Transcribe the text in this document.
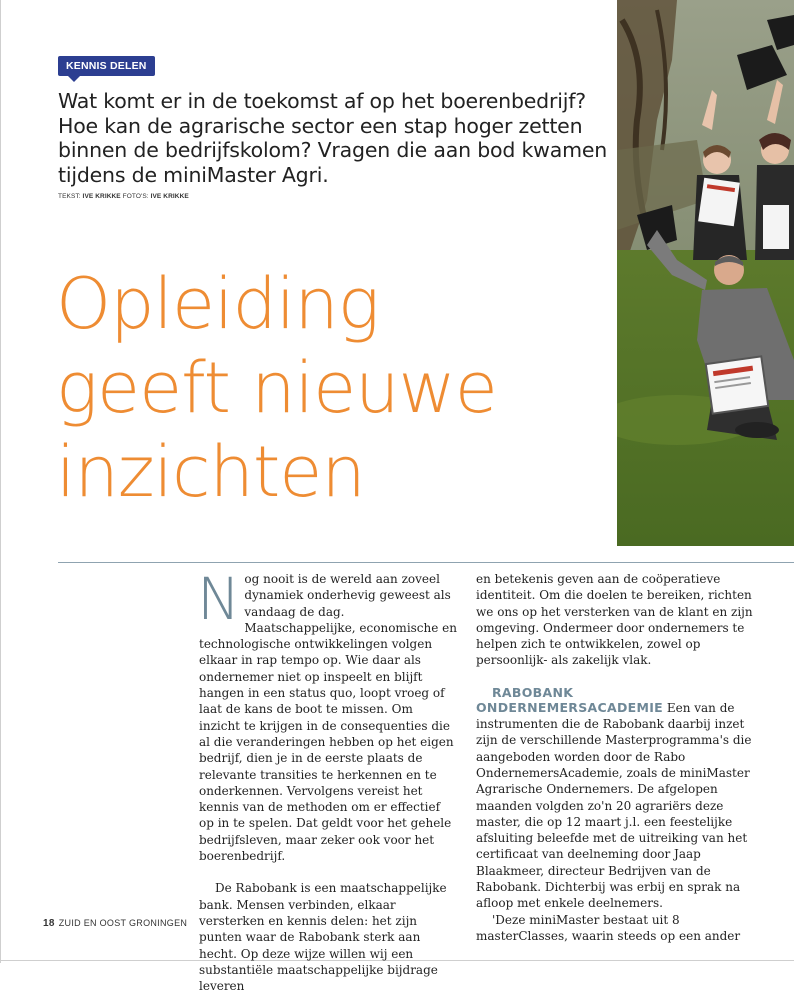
KENNIS DELEN

Wat komt er in de toekomst af op het boerenbedrijf? Hoe kan de agrarische sector een stap hoger zetten binnen de bedrijfskolom? Vragen die aan bod kwamen tijdens de miniMaster Agri.

TEKST: IVE KRIKKE FOTO'S: IVE KRIKKE
Opleiding
geeft nieuwe
inzichten

Nog nooit is de wereld aan zoveel dynamiek onderhevig geweest als vandaag de dag. Maatschappelijke, economische en technologische ontwikkelingen volgen elkaar in rap tempo op. Wie daar als ondernemer niet op inspeelt en blijft hangen in een status quo, loopt vroeg of laat de kans de boot te missen. Om inzicht te krijgen in de consequenties die al die veranderingen hebben op het eigen bedrijf, dien je in de eerste plaats de relevante transities te herkennen en te onderkennen. Vervolgens vereist het kennis van de methoden om er effectief op in te spelen. Dat geldt voor het gehele bedrijfsleven, maar zeker ook voor het boerenbedrijf.

De Rabobank is een maatschappelijke bank. Mensen verbinden, elkaar versterken en kennis delen: het zijn punten waar de Rabobank sterk aan hecht. Op deze wijze willen wij een substantiële maatschappelijke bijdrage leveren

en betekenis geven aan de coöperatieve identiteit. Om die doelen te bereiken, richten we ons op het versterken van de klant en zijn omgeving. Ondermeer door ondernemers te helpen zich te ontwikkelen, zowel op persoonlijk- als zakelijk vlak.

RABOBANK
ONDERNEMERSACADEMIE Een van de instrumenten die de Rabobank daarbij inzet zijn de verschillende Masterprogramma's die aangeboden worden door de Rabo OndernemersAcademie, zoals de miniMaster Agrarische Ondernemers. De afgelopen maanden volgden zo'n 20 agrariërs deze master, die op 12 maart j.l. een feestelijke afsluiting beleefde met de uitreiking van het certificaat van deelneming door Jaap Blaakmeer, directeur Bedrijven van de Rabobank. Dichterbij was erbij en sprak na afloop met enkele deelnemers.

'Deze miniMaster bestaat uit 8 masterClasses, waarin steeds op een ander

18 ZUID EN OOST GRONINGEN
